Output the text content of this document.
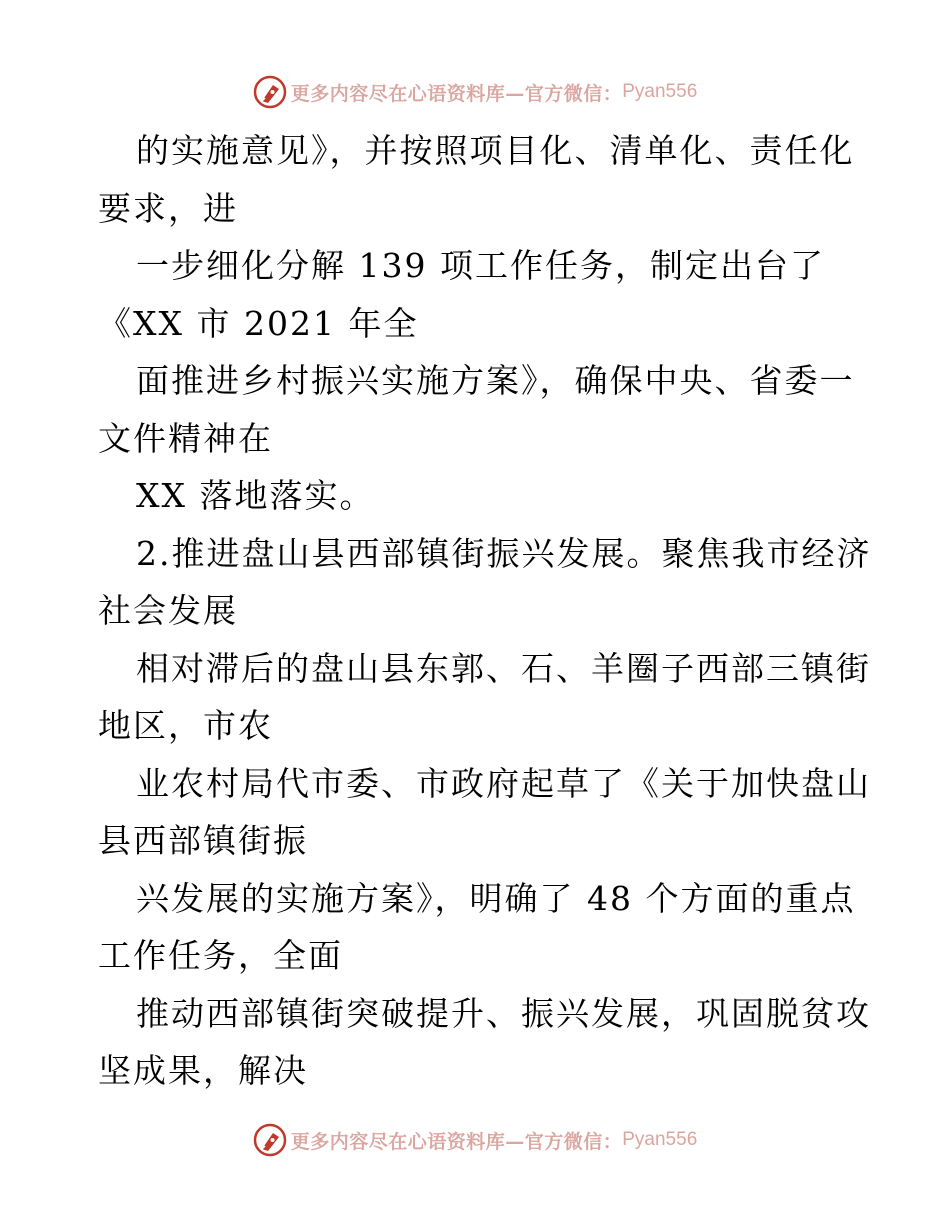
更多内容尽在心语资料库—官方微信： Pyan556
的实施意见》，并按照项目化、清单化、责任化
要求，进
一步细化分解 139 项工作任务，制定出台了
《XX 市 2021 年全
面推进乡村振兴实施方案》，确保中央、省委一
文件精神在
XX 落地落实。
2.推进盘山县西部镇街振兴发展。聚焦我市经济
社会发展
相对滞后的盘山县东郭、石、羊圈子西部三镇街
地区，市农
业农村局代市委、市政府起草了《关于加快盘山
县西部镇街振
兴发展的实施方案》，明确了 48 个方面的重点
工作任务，全面
推动西部镇街突破提升、振兴发展，巩固脱贫攻
坚成果，解决
更多内容尽在心语资料库—官方微信： Pyan556
